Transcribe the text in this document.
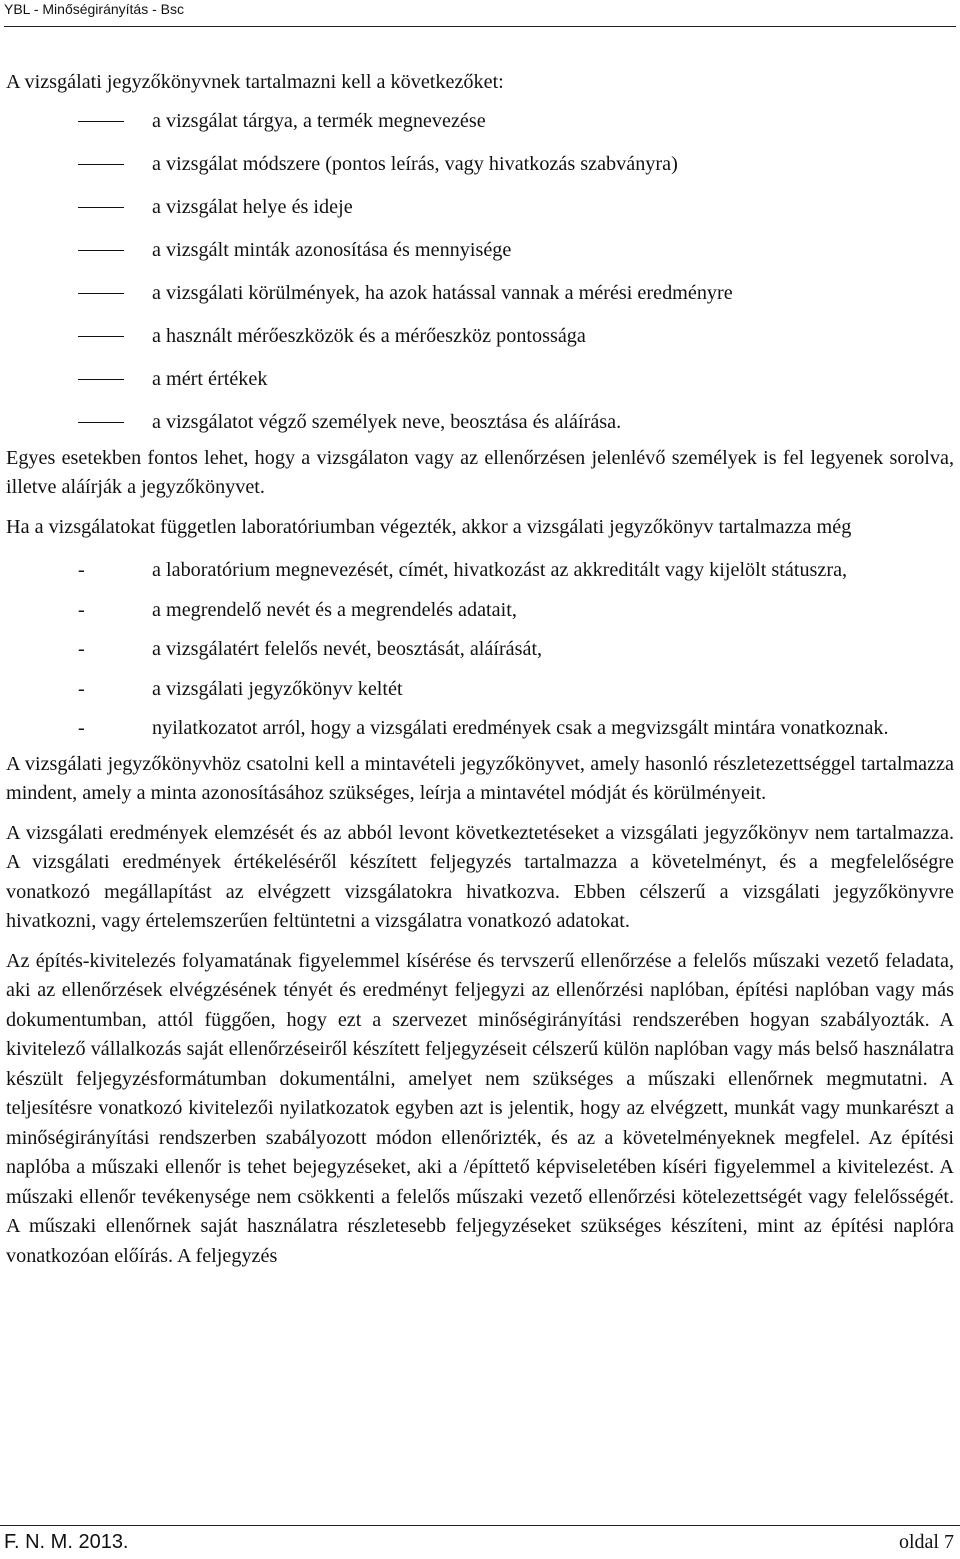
YBL - Minőségirányítás - Bsc

A vizsgálati jegyzőkönyvnek tartalmazni kell a következőket:

a vizsgálat tárgya, a termék megnevezése
a vizsgálat módszere (pontos leírás, vagy hivatkozás szabványra)
a vizsgálat helye és ideje
a vizsgált minták azonosítása és mennyisége
a vizsgálati körülmények, ha azok hatással vannak a mérési eredményre
a használt mérőeszközök és a mérőeszköz pontossága
a mért értékek
a vizsgálatot végző személyek neve, beosztása és aláírása.

Egyes esetekben fontos lehet, hogy a vizsgálaton vagy az ellenőrzésen jelenlévő személyek is fel legyenek sorolva, illetve aláírják a jegyzőkönyvet.

Ha a vizsgálatokat független laboratóriumban végezték, akkor a vizsgálati jegyzőkönyv tartalmazza még

-	a laboratórium megnevezését, címét, hivatkozást az akkreditált vagy kijelölt státuszra,
-	a megrendelő nevét és a megrendelés adatait,
-	a vizsgálatért felelős nevét, beosztását, aláírását,
-	a vizsgálati jegyzőkönyv keltét
-	nyilatkozatot arról, hogy a vizsgálati eredmények csak a megvizsgált mintára vonatkoznak.

A vizsgálati jegyzőkönyvhöz csatolni kell a mintavételi jegyzőkönyvet, amely hasonló részletezettséggel tartalmazza mindent, amely a minta azonosításához szükséges, leírja a mintavétel módját és körülményeit.

A vizsgálati eredmények elemzését és az abból levont következtetéseket a vizsgálati jegyzőkönyv nem tartalmazza. A vizsgálati eredmények értékeléséről készített feljegyzés tartalmazza a követelményt, és a megfelelőségre vonatkozó megállapítást az elvégzett vizsgálatokra hivatkozva. Ebben célszerű a vizsgálati jegyzőkönyvre hivatkozni, vagy értelemszerűen feltüntetni a vizsgálatra vonatkozó adatokat.

Az építés-kivitelezés folyamatának figyelemmel kísérése és tervszerű ellenőrzése a felelős műszaki vezető feladata, aki az ellenőrzések elvégzésének tényét és eredményt feljegyzi az ellenőrzési naplóban, építési naplóban vagy más dokumentumban, attól függően, hogy ezt a szervezet minőségirányítási rendszerében hogyan szabályozták. A kivitelező vállalkozás saját ellenőrzéseiről készített feljegyzéseit célszerű külön naplóban vagy más belső használatra készült feljegyzésformátumban dokumentálni, amelyet nem szükséges a műszaki ellenőrnek megmutatni. A teljesítésre vonatkozó kivitelezői nyilatkozatok egyben azt is jelentik, hogy az elvégzett, munkát vagy munkarészt a minőségirányítási rendszerben szabályozott módon ellenőrizték, és az a követelményeknek megfelel. Az építési naplóba a műszaki ellenőr is tehet bejegyzéseket, aki a /építtető képviseletében kíséri figyelemmel a kivitelezést. A műszaki ellenőr tevékenysége nem csökkenti a felelős műszaki vezető ellenőrzési kötelezettségét vagy felelősségét. A műszaki ellenőrnek saját használatra részletesebb feljegyzéseket szükséges készíteni, mint az építési naplóra vonatkozóan előírás. A feljegyzés

F. N. M. 2013.	oldal 7
